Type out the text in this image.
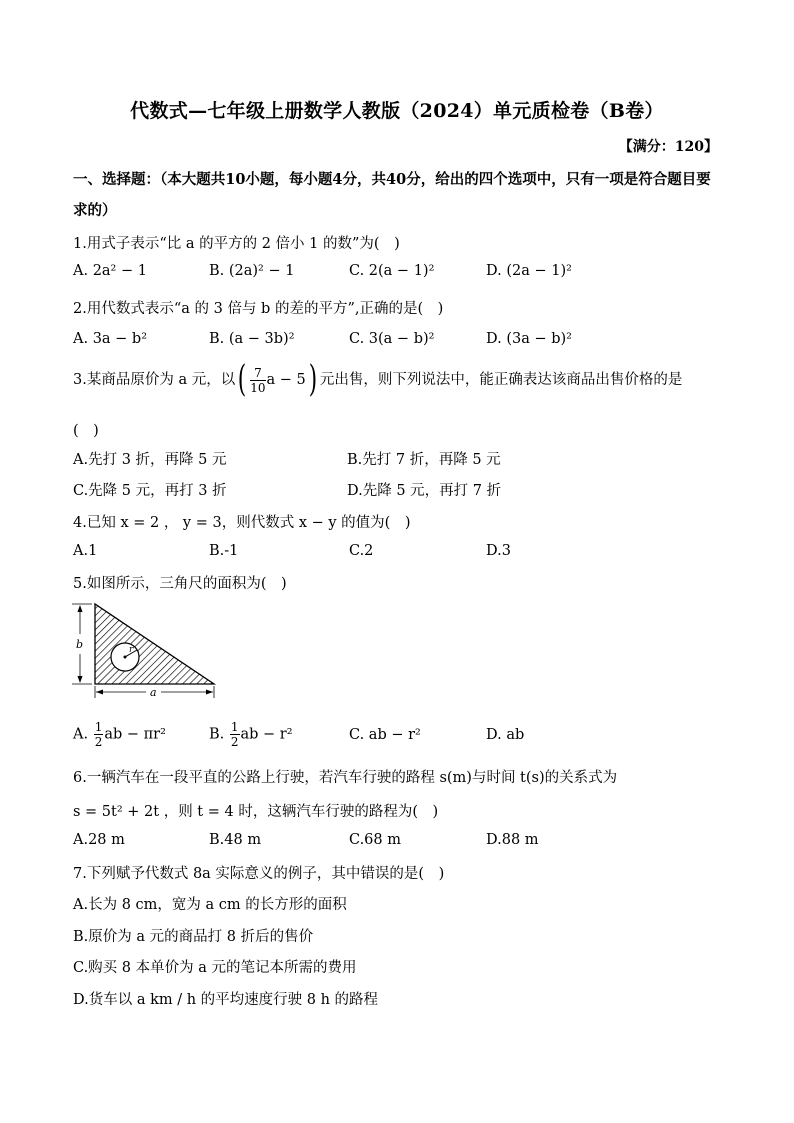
代数式—七年级上册数学人教版（2024）单元质检卷（B卷）
【满分：120】
一、选择题：（本大题共10小题，每小题4分，共40分，给出的四个选项中，只有一项是符合题目要求的）
1.用式子表示“比 a 的平方的 2 倍小 1 的数”为(　)
A. 2a² − 1	B. (2a)² − 1	C. 2(a − 1)²	D. (2a − 1)²
2.用代数式表示“a 的 3 倍与 b 的差的平方”,正确的是(　)
A. 3a − b²	B. (a − 3b)²	C. 3(a − b)²	D. (3a − b)²
3.某商品原价为 a 元，以( $\frac{7}{10}$ a − 5) 元出售，则下列说法中，能正确表达该商品出售价格的是
(　)
A.先打 3 折，再降 5 元	B.先打 7 折，再降 5 元
C.先降 5 元，再打 3 折	D.先降 5 元，再打 7 折
4.已知 x = 2 ， y = 3，则代数式 x − y 的值为(　)
A.1	B.-1	C.2	D.3
5.如图所示，三角尺的面积为(　)
r
b
a
A. $\frac{1}{2}$ ab − πr²	B. $\frac{1}{2}$ ab − r²	C. ab − r²	D. ab
6.一辆汽车在一段平直的公路上行驶，若汽车行驶的路程 s(m)与时间 t(s)的关系式为
s = 5t² + 2t ，则 t = 4 时，这辆汽车行驶的路程为(　)
A.28 m	B.48 m	C.68 m	D.88 m
7.下列赋予代数式 8a 实际意义的例子，其中错误的是(　)
A.长为 8 cm，宽为 a cm 的长方形的面积
B.原价为 a 元的商品打 8 折后的售价
C.购买 8 本单价为 a 元的笔记本所需的费用
D.货车以 a km / h 的平均速度行驶 8 h 的路程
